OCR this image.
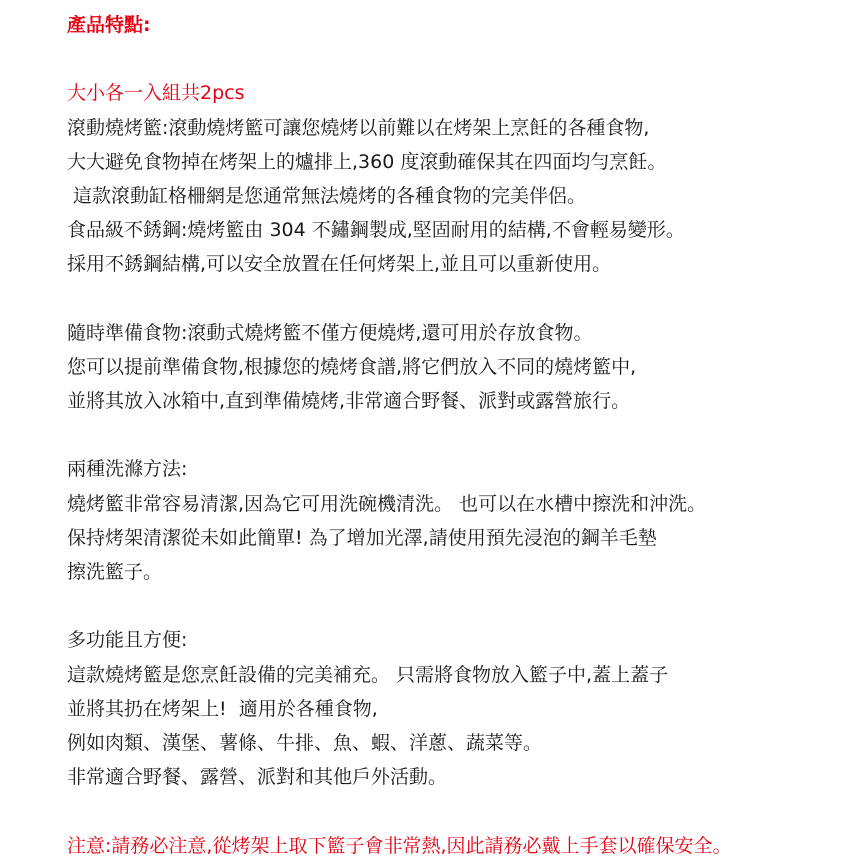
產品特點:
大小各一入組共2pcs
滾動燒烤籃:滾動燒烤籃可讓您燒烤以前難以在烤架上烹飪的各種食物,
大大避免食物掉在烤架上的爐排上,360 度滾動確保其在四面均勻烹飪。
這款滾動缸格柵網是您通常無法燒烤的各種食物的完美伴侶。
食品級不銹鋼:燒烤籃由 304 不鏽鋼製成,堅固耐用的結構,不會輕易變形。
採用不銹鋼結構,可以安全放置在任何烤架上,並且可以重新使用。
隨時準備食物:滾動式燒烤籃不僅方便燒烤,還可用於存放食物。
您可以提前準備食物,根據您的燒烤食譜,將它們放入不同的燒烤籃中,
並將其放入冰箱中,直到準備燒烤,非常適合野餐、派對或露營旅行。
兩種洗滌方法:
燒烤籃非常容易清潔,因為它可用洗碗機清洗。 也可以在水槽中擦洗和沖洗。
保持烤架清潔從未如此簡單! 為了增加光澤,請使用預先浸泡的鋼羊毛墊
擦洗籃子。
多功能且方便:
這款燒烤籃是您烹飪設備的完美補充。 只需將食物放入籃子中,蓋上蓋子
並將其扔在烤架上!  適用於各種食物,
例如肉類、漢堡、薯條、牛排、魚、蝦、洋蔥、蔬菜等。
非常適合野餐、露營、派對和其他戶外活動。
注意:請務必注意,從烤架上取下籃子會非常熱,因此請務必戴上手套以確保安全。
